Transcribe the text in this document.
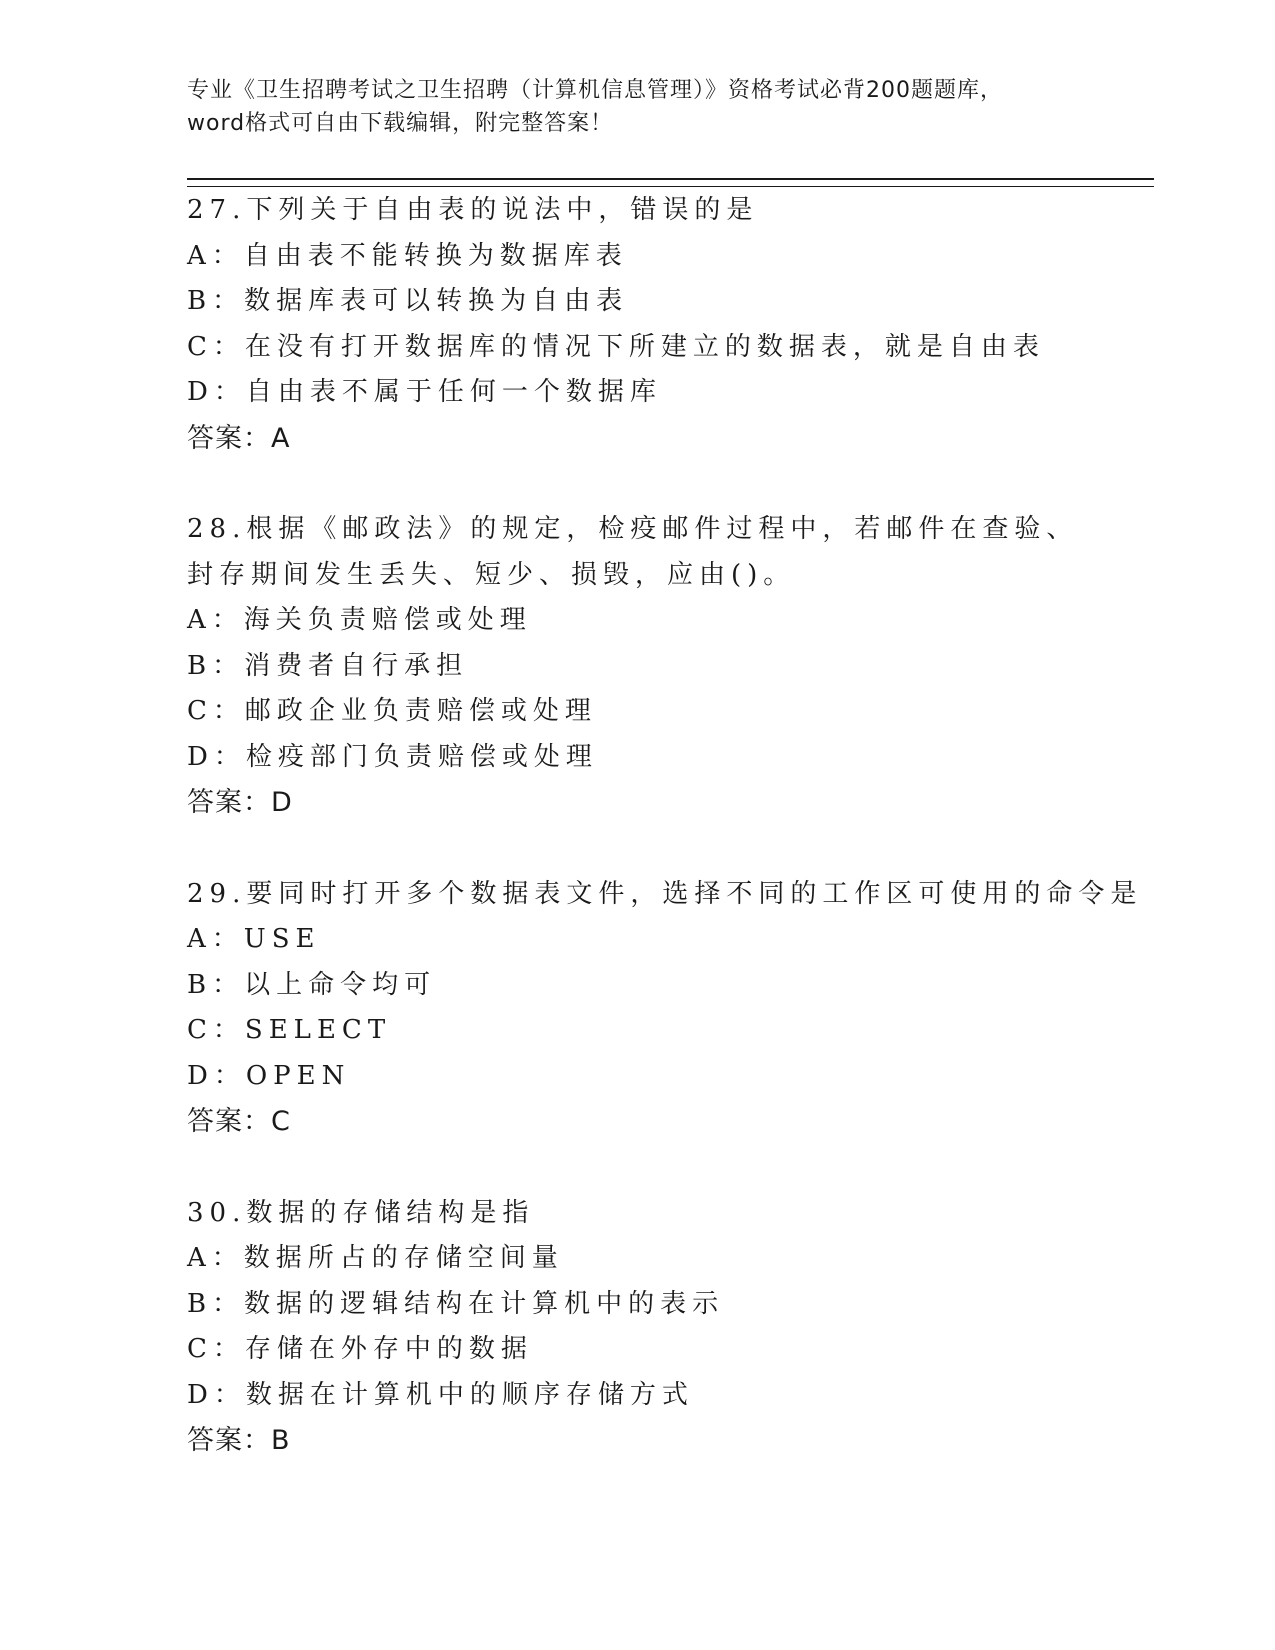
专业《卫生招聘考试之卫生招聘（计算机信息管理）》资格考试必背200题题库，
word格式可自由下载编辑，附完整答案！
27.下列关于自由表的说法中，错误的是
A：自由表不能转换为数据库表
B：数据库表可以转换为自由表
C：在没有打开数据库的情况下所建立的数据表，就是自由表
D：自由表不属于任何一个数据库
答案：A
28.根据《邮政法》的规定，检疫邮件过程中，若邮件在查验、封存期间发生丢失、短少、损毁，应由()。
A：海关负责赔偿或处理
B：消费者自行承担
C：邮政企业负责赔偿或处理
D：检疫部门负责赔偿或处理
答案：D
29.要同时打开多个数据表文件，选择不同的工作区可使用的命令是
A：USE
B：以上命令均可
C：SELECT
D：OPEN
答案：C
30.数据的存储结构是指
A：数据所占的存储空间量
B：数据的逻辑结构在计算机中的表示
C：存储在外存中的数据
D：数据在计算机中的顺序存储方式
答案：B
